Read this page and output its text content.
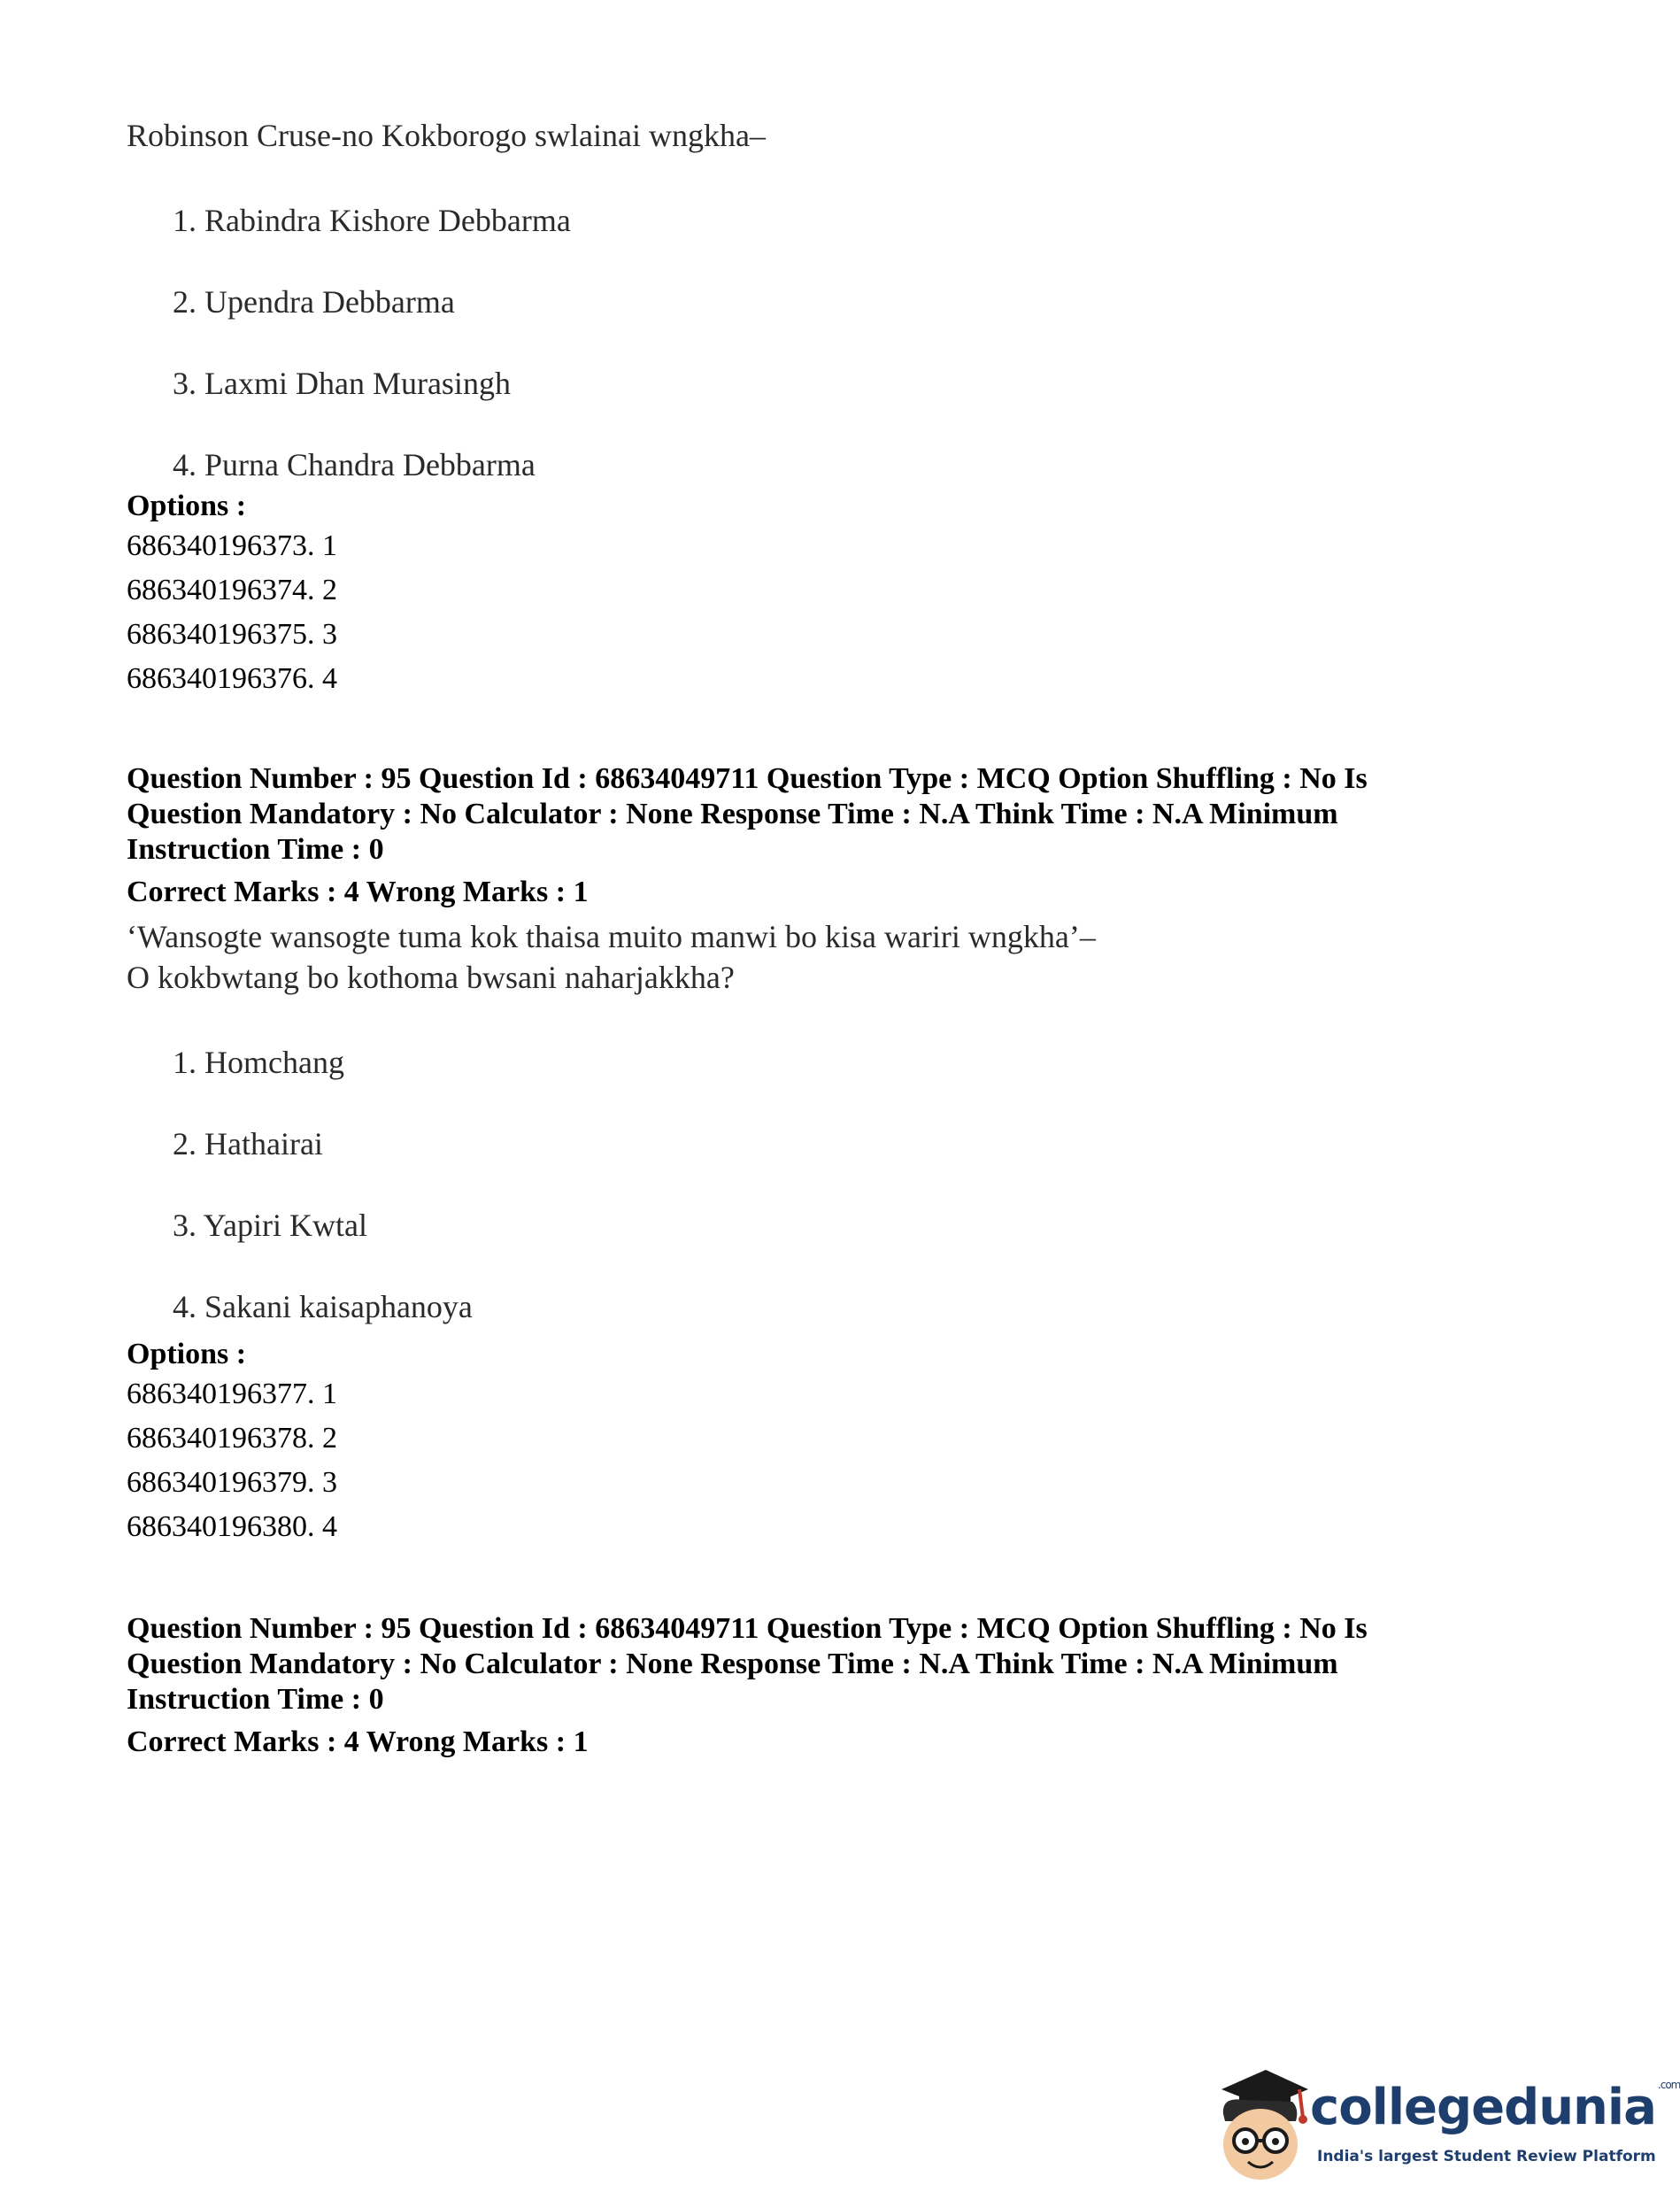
Robinson Cruse-no Kokborogo swlainai wngkha–

1. Rabindra Kishore Debbarma
2. Upendra Debbarma
3. Laxmi Dhan Murasingh
4. Purna Chandra Debbarma
Options :
686340196373. 1
686340196374. 2
686340196375. 3
686340196376. 4
Question Number : 95 Question Id : 68634049711 Question Type : MCQ Option Shuffling : No Is
Question Mandatory : No Calculator : None Response Time : N.A Think Time : N.A Minimum
Instruction Time : 0
Correct Marks : 4 Wrong Marks : 1

‘Wansogte wansogte tuma kok thaisa muito manwi bo kisa wariri wngkha’–

O kokbwtang bo kothoma bwsani naharjakkha?

1. Homchang
2. Hathairai
3. Yapiri Kwtal
4. Sakani kaisaphanoya
Options :
686340196377. 1
686340196378. 2
686340196379. 3
686340196380. 4
Question Number : 95 Question Id : 68634049711 Question Type : MCQ Option Shuffling : No Is
Question Mandatory : No Calculator : None Response Time : N.A Think Time : N.A Minimum
Instruction Time : 0
Correct Marks : 4 Wrong Marks : 1
collegedunia $^{.com}$
India's largest Student Review Platform
